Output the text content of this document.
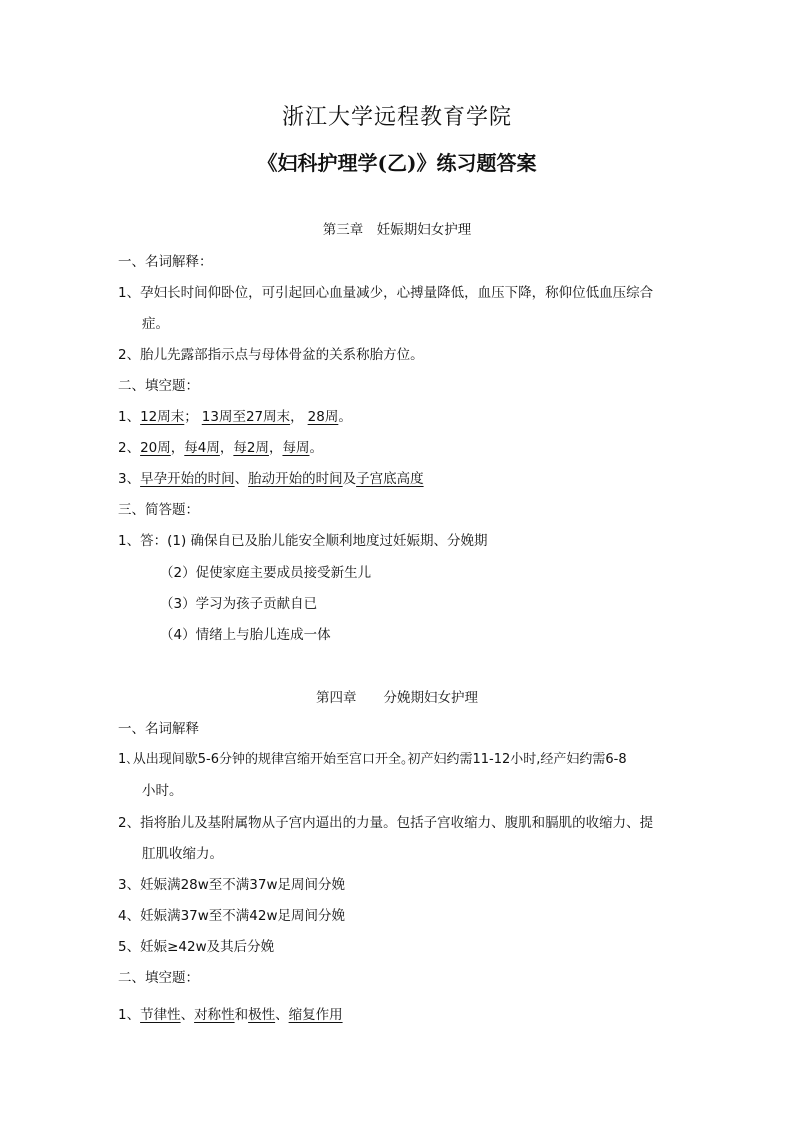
浙江大学远程教育学院
《妇科护理学(乙)》练习题答案
第三章　妊娠期妇女护理
一、名词解释：
1、孕妇长时间仰卧位，可引起回心血量减少，心搏量降低，血压下降，称仰位低血压综合
症。
2、胎儿先露部指示点与母体骨盆的关系称胎方位。
二、填空题：
1、12周末； 13周至27周末， 28周。
2、20周，每4周，每2周，每周。
3、早孕开始的时间、胎动开始的时间及子宫底高度
三、简答题：
1、答：(1) 确保自已及胎儿能安全顺利地度过妊娠期、分娩期
（2）促使家庭主要成员接受新生儿
（3）学习为孩子贡献自已
（4）情绪上与胎儿连成一体
第四章　　分娩期妇女护理
一、名词解释
1､从出现间歇5-6分钟的规律宫缩开始至宫口开全｡初产妇约需11-12小时,经产妇约需6-8
小时｡
2、指将胎儿及基附属物从子宫内逼出的力量。包括子宫收缩力、腹肌和膈肌的收缩力、提
肛肌收缩力。
3、妊娠满28w至不满37w足周间分娩
4、妊娠满37w至不满42w足周间分娩
5、妊娠≥42w及其后分娩
二、填空题：
1、节律性、对称性和极性、缩复作用
